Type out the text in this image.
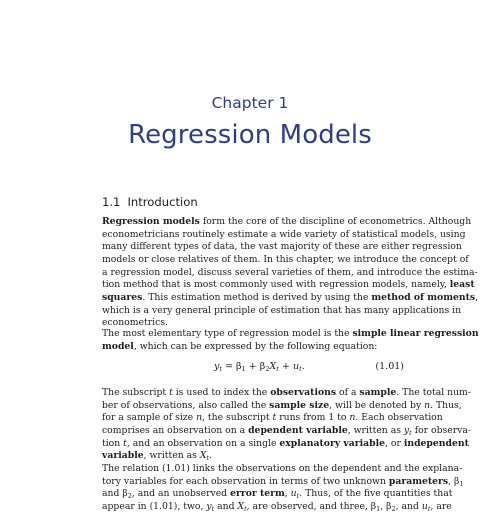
Chapter 1
Regression Models
1.1 Introduction
Regression models form the core of the discipline of econometrics. Although
econometricians routinely estimate a wide variety of statistical models, using
many different types of data, the vast majority of these are either regression
models or close relatives of them. In this chapter, we introduce the concept of
a regression model, discuss several varieties of them, and introduce the estima-
tion method that is most commonly used with regression models, namely, least
squares. This estimation method is derived by using the method of moments,
which is a very general principle of estimation that has many applications in
econometrics.
The most elementary type of regression model is the simple linear regression
model, which can be expressed by the following equation:
$y_t = \beta_1 + \beta_2X_t + u_t$.	(1.01)
The subscript t is used to index the observations of a sample. The total num-
ber of observations, also called the sample size, will be denoted by n. Thus,
for a sample of size n, the subscript t runs from 1 to n. Each observation
comprises an observation on a dependent variable, written as $y_t$ for observa-
tion t, and an observation on a single explanatory variable, or independent
variable, written as $X_t$.
The relation (1.01) links the observations on the dependent and the explana-
tory variables for each observation in terms of two unknown parameters, $\beta_1$
and $\beta_2$, and an unobserved error term, $u_t$. Thus, of the five quantities that
appear in (1.01), two, $y_t$ and $X_t$, are observed, and three, $\beta_1$, $\beta_2$, and $u_t$, are
